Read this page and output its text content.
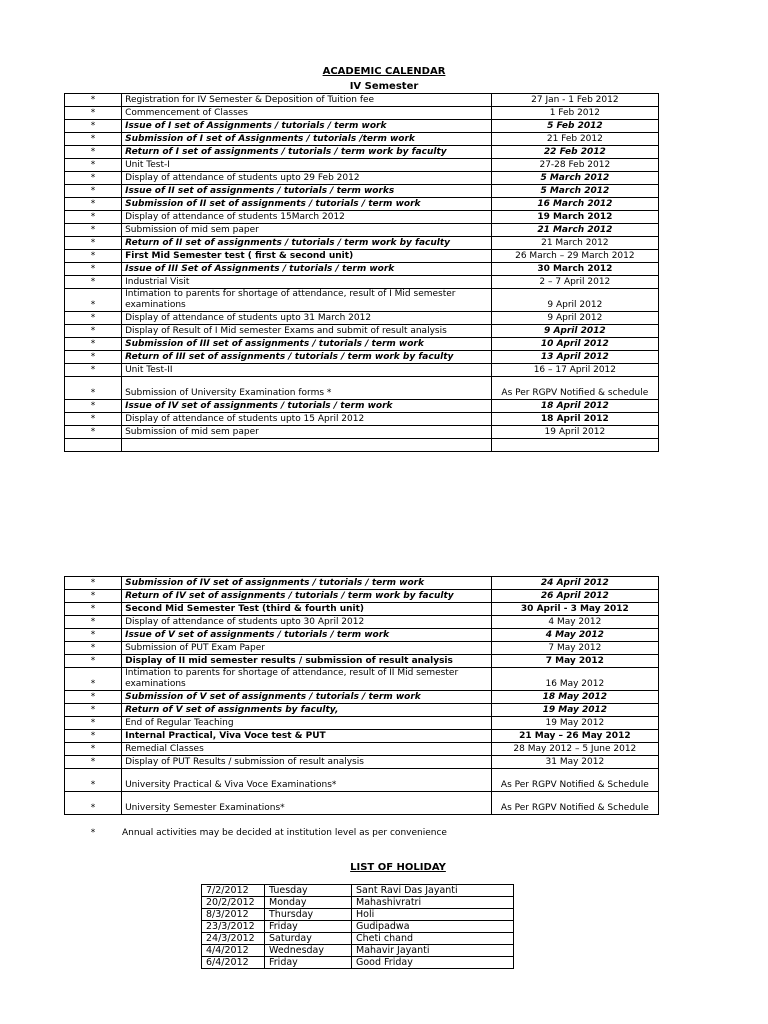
ACADEMIC CALENDAR
IV Semester
*	Registration for IV Semester & Deposition of Tuition fee	27 Jan - 1 Feb 2012
*	Commencement of Classes	1 Feb 2012
*	Issue of I set of Assignments / tutorials / term work	5 Feb 2012
*	Submission of I set of Assignments / tutorials /term work	21 Feb 2012
*	Return of I set of assignments / tutorials / term work by faculty	22 Feb 2012
*	Unit Test-I	27-28 Feb 2012
*	Display of attendance of students upto 29 Feb 2012	5 March 2012
*	Issue of II set of assignments / tutorials / term works	5 March 2012
*	Submission of II set of assignments / tutorials / term work	16 March 2012
*	Display of attendance of students 15March 2012	19 March 2012
*	Submission of mid sem paper	21 March 2012
*	Return of II set of assignments / tutorials / term work by faculty	21 March 2012
*	First Mid Semester test ( first & second unit)	26 March – 29 March 2012
*	Issue of III Set of Assignments / tutorials / term work	30 March 2012
*	Industrial Visit	2 – 7 April 2012
*	Intimation to parents for shortage of attendance, result of I Mid semester examinations	9 April 2012
*	Display of attendance of students upto 31 March 2012	9 April 2012
*	Display of Result of I Mid semester Exams and submit of result analysis	9 April 2012
*	Submission of III set of assignments / tutorials / term work	10 April 2012
*	Return of III set of assignments / tutorials / term work by faculty	13 April 2012
*	Unit Test-II	16 – 17 April 2012
*	Submission of University Examination forms *	As Per RGPV Notified & schedule
*	Issue of IV set of assignments / tutorials / term work	18 April 2012
*	Display of attendance of students upto 15 April 2012	18 April 2012
*	Submission of mid sem paper	19 April 2012

*	Submission of IV set of assignments / tutorials / term work	24 April 2012
*	Return of IV set of assignments / tutorials / term work by faculty	26 April 2012
*	Second Mid Semester Test (third & fourth unit)	30 April - 3 May 2012
*	Display of attendance of students upto 30 April 2012	4 May 2012
*	Issue of V set of assignments / tutorials / term work	4 May 2012
*	Submission of PUT Exam Paper	7 May 2012
*	Display of II mid semester results / submission of result analysis	7 May 2012
*	Intimation to parents for shortage of attendance, result of II Mid semester examinations	16 May 2012
*	Submission of V set of assignments / tutorials / term work	18 May 2012
*	Return of V set of assignments by faculty,	19 May 2012
*	End of Regular Teaching	19 May 2012
*	Internal Practical, Viva Voce test & PUT	21 May – 26 May 2012
*	Remedial Classes	28 May 2012 – 5 June 2012
*	Display of PUT Results / submission of result analysis	31 May 2012
*	University Practical & Viva Voce Examinations*	As Per RGPV Notified & Schedule
*	University Semester Examinations*	As Per RGPV Notified & Schedule
*	Annual activities may be decided at institution level as per convenience
LIST OF HOLIDAY
7/2/2012	Tuesday	Sant Ravi Das Jayanti
20/2/2012	Monday	Mahashivratri
8/3/2012	Thursday	Holi
23/3/2012	Friday	Gudipadwa
24/3/2012	Saturday	Cheti chand
4/4/2012	Wednesday	Mahavir Jayanti
6/4/2012	Friday	Good Friday
